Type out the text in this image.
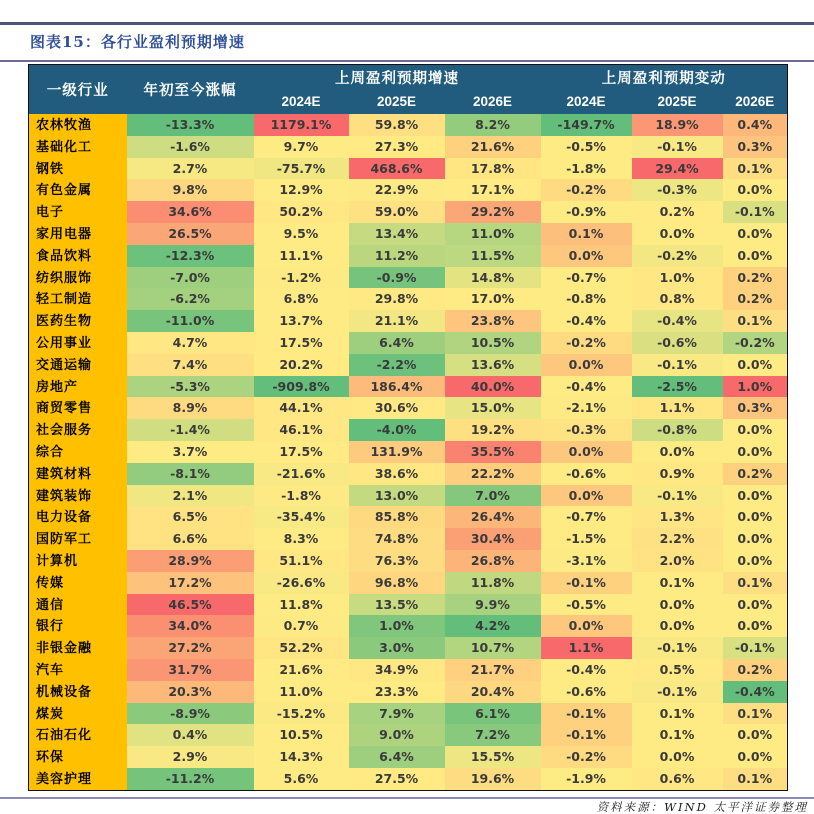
图表15：各行业盈利预期增速
一级行业	年初至今涨幅	上周盈利预期增速			上周盈利预期变动		
		2024E	2025E	2026E	2024E	2025E	2026E
农林牧渔	-13.3%	1179.1%	59.8%	8.2%	-149.7%	18.9%	0.4%
基础化工	-1.6%	9.7%	27.3%	21.6%	-0.5%	-0.1%	0.3%
钢铁	2.7%	-75.7%	468.6%	17.8%	-1.8%	29.4%	0.1%
有色金属	9.8%	12.9%	22.9%	17.1%	-0.2%	-0.3%	0.0%
电子	34.6%	50.2%	59.0%	29.2%	-0.9%	0.2%	-0.1%
家用电器	26.5%	9.5%	13.4%	11.0%	0.1%	0.0%	0.0%
食品饮料	-12.3%	11.1%	11.2%	11.5%	0.0%	-0.2%	0.0%
纺织服饰	-7.0%	-1.2%	-0.9%	14.8%	-0.7%	1.0%	0.2%
轻工制造	-6.2%	6.8%	29.8%	17.0%	-0.8%	0.8%	0.2%
医药生物	-11.0%	13.7%	21.1%	23.8%	-0.4%	-0.4%	0.1%
公用事业	4.7%	17.5%	6.4%	10.5%	-0.2%	-0.6%	-0.2%
交通运输	7.4%	20.2%	-2.2%	13.6%	0.0%	-0.1%	0.0%
房地产	-5.3%	-909.8%	186.4%	40.0%	-0.4%	-2.5%	1.0%
商贸零售	8.9%	44.1%	30.6%	15.0%	-2.1%	1.1%	0.3%
社会服务	-1.4%	46.1%	-4.0%	19.2%	-0.3%	-0.8%	0.0%
综合	3.7%	17.5%	131.9%	35.5%	0.0%	0.0%	0.0%
建筑材料	-8.1%	-21.6%	38.6%	22.2%	-0.6%	0.9%	0.2%
建筑装饰	2.1%	-1.8%	13.0%	7.0%	0.0%	-0.1%	0.0%
电力设备	6.5%	-35.4%	85.8%	26.4%	-0.7%	1.3%	0.0%
国防军工	6.6%	8.3%	74.8%	30.4%	-1.5%	2.2%	0.0%
计算机	28.9%	51.1%	76.3%	26.8%	-3.1%	2.0%	0.0%
传媒	17.2%	-26.6%	96.8%	11.8%	-0.1%	0.1%	0.1%
通信	46.5%	11.8%	13.5%	9.9%	-0.5%	0.0%	0.0%
银行	34.0%	0.7%	1.0%	4.2%	0.0%	0.0%	0.0%
非银金融	27.2%	52.2%	3.0%	10.7%	1.1%	-0.1%	-0.1%
汽车	31.7%	21.6%	34.9%	21.7%	-0.4%	0.5%	0.2%
机械设备	20.3%	11.0%	23.3%	20.4%	-0.6%	-0.1%	-0.4%
煤炭	-8.9%	-15.2%	7.9%	6.1%	-0.1%	0.1%	0.1%
石油石化	0.4%	10.5%	9.0%	7.2%	-0.1%	0.1%	0.0%
环保	2.9%	14.3%	6.4%	15.5%	-0.2%	0.0%	0.0%
美容护理	-11.2%	5.6%	27.5%	19.6%	-1.9%	0.6%	0.1%
资料来源：WIND 太平洋证券整理
